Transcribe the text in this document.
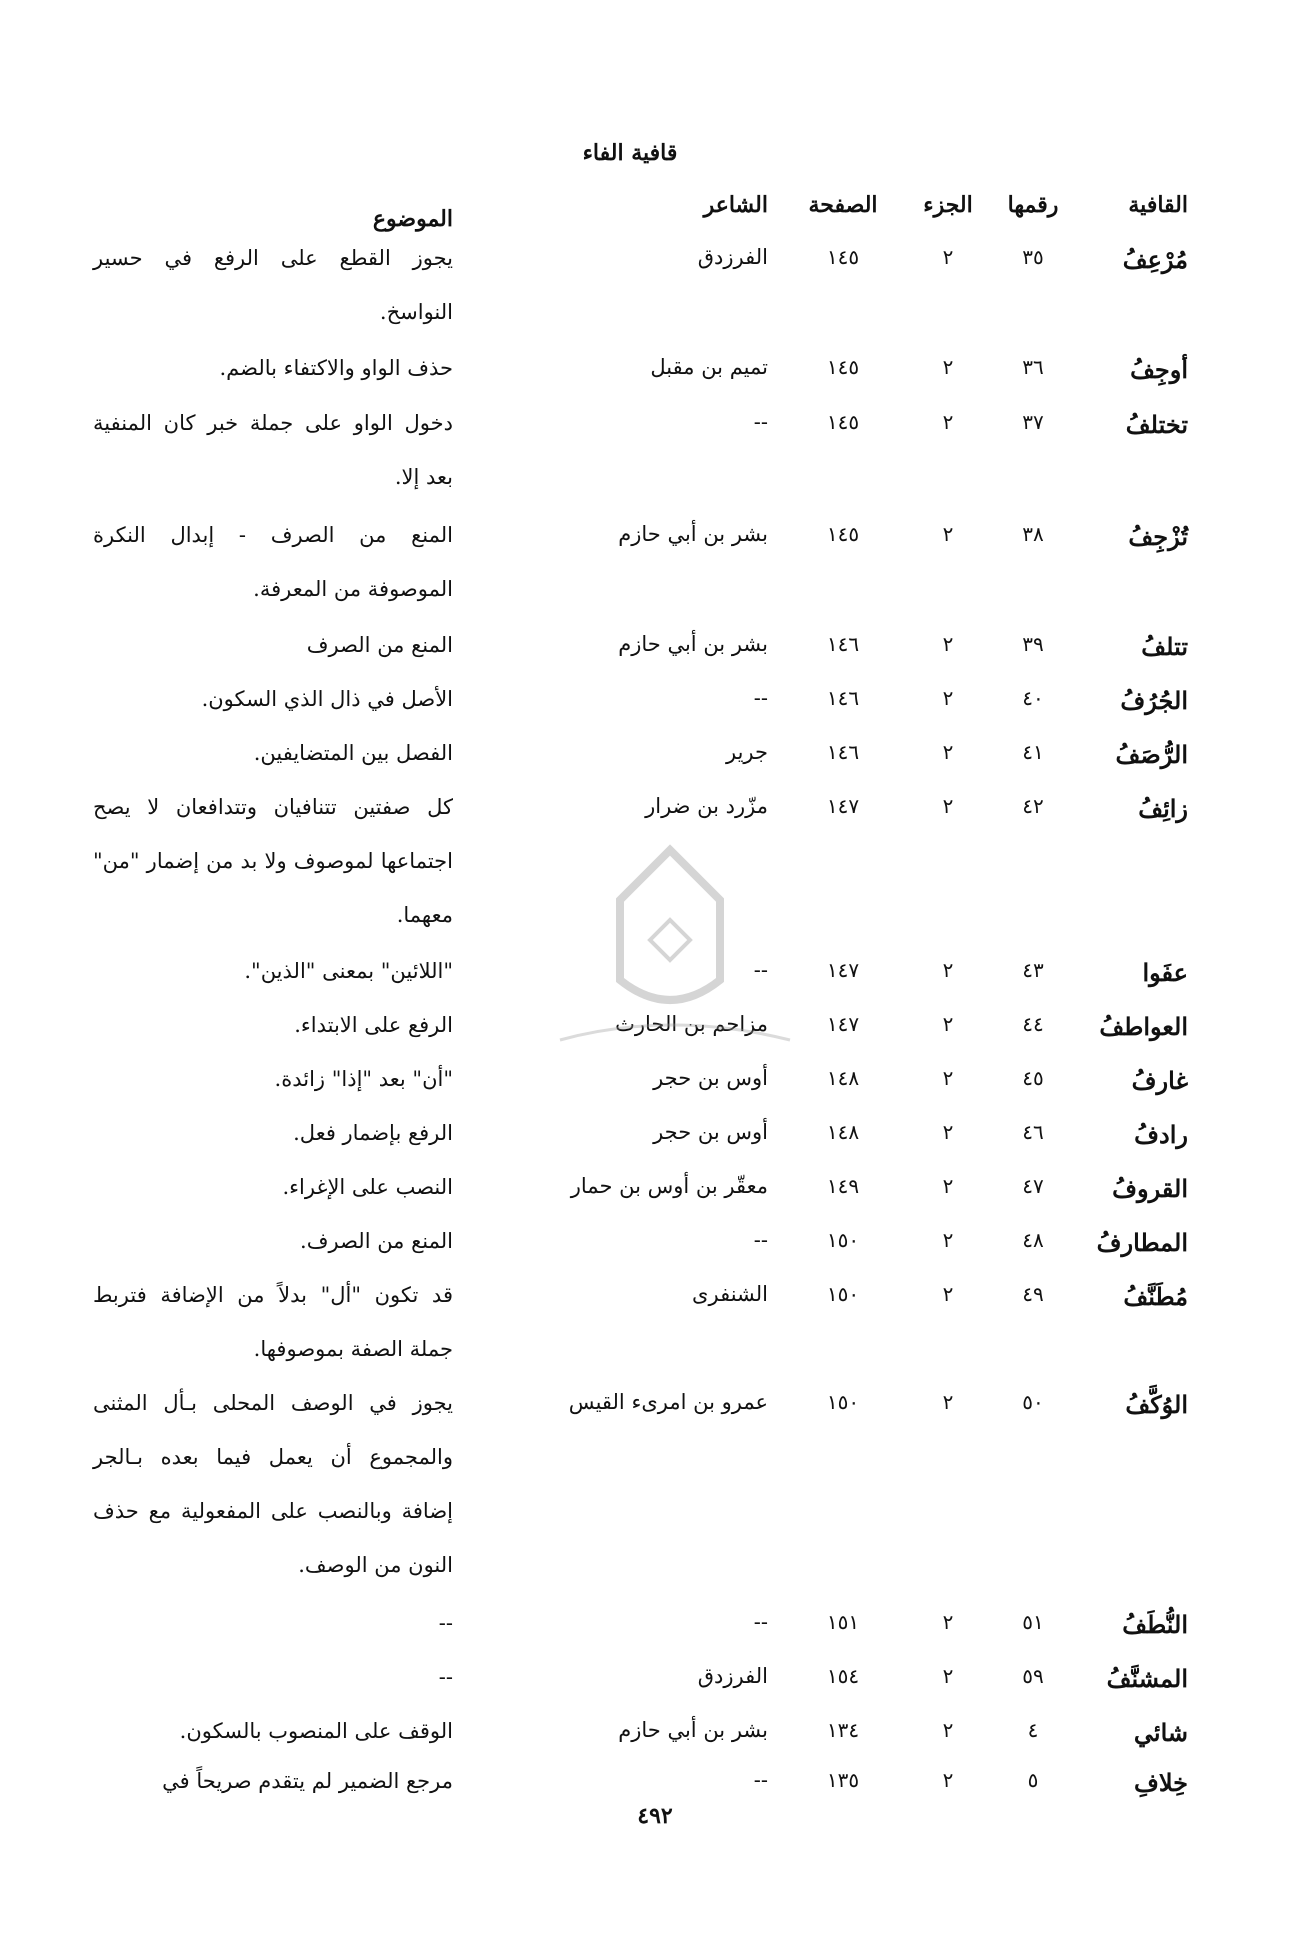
قافية الفاء
القافية
رقمها
الجزء
الصفحة
الشاعر
الموضوع
مُرْعِفُ
٣٥
٢
١٤٥
الفرزدق
يجوز القطع على الرفع في حسير النواسخ.
أوجِفُ
٣٦
٢
١٤٥
تميم بن مقبل
حذف الواو والاكتفاء بالضم.
تختلفُ
٣٧
٢
١٤٥
--
دخول الواو على جملة خبر كان المنفية بعد إلا.
تُزْجِفُ
٣٨
٢
١٤٥
بشر بن أبي حازم
المنع من الصرف - إبدال النكرة الموصوفة من المعرفة.
تتلفُ
٣٩
٢
١٤٦
بشر بن أبي حازم
المنع من الصرف
الجُرُفُ
٤٠
٢
١٤٦
--
الأصل في ذال الذي السكون.
الرُّصَفُ
٤١
٢
١٤٦
جرير
الفصل بين المتضايفين.
زائِفُ
٤٢
٢
١٤٧
مزّرد بن ضرار
كل صفتين تتنافيان وتتدافعان لا يصح اجتماعها لموصوف ولا بد من إضمار "من" معهما.
عفَوا
٤٣
٢
١٤٧
--
"اللائين" بمعنى "الذين".
العواطفُ
٤٤
٢
١٤٧
مزاحم بن الحارث
الرفع على الابتداء.
غارفُ
٤٥
٢
١٤٨
أوس بن حجر
"أن" بعد "إذا" زائدة.
رادفُ
٤٦
٢
١٤٨
أوس بن حجر
الرفع بإضمار فعل.
القروفُ
٤٧
٢
١٤٩
معقّر بن أوس بن حمار
النصب على الإغراء.
المطارفُ
٤٨
٢
١٥٠
--
المنع من الصرف.
مُطَنَّفُ
٤٩
٢
١٥٠
الشنفرى
قد تكون "أل" بدلاً من الإضافة فتربط جملة الصفة بموصوفها.
الوُكَّفُ
٥٠
٢
١٥٠
عمرو بن امرىء القيس
يجوز في الوصف المحلى بـأل المثنى والمجموع أن يعمل فيما بعده بـالجر إضافة وبالنصب على المفعولية مع حذف النون من الوصف.
النُّطَفُ
٥١
٢
١٥١
--
--
المشنَّفُ
٥٩
٢
١٥٤
الفرزدق
--
شائي
٤
٢
١٣٤
بشر بن أبي حازم
الوقف على المنصوب بالسكون.
خِلافِ
٥
٢
١٣٥
--
مرجع الضمير لم يتقدم صريحاً في
٤٩٢
